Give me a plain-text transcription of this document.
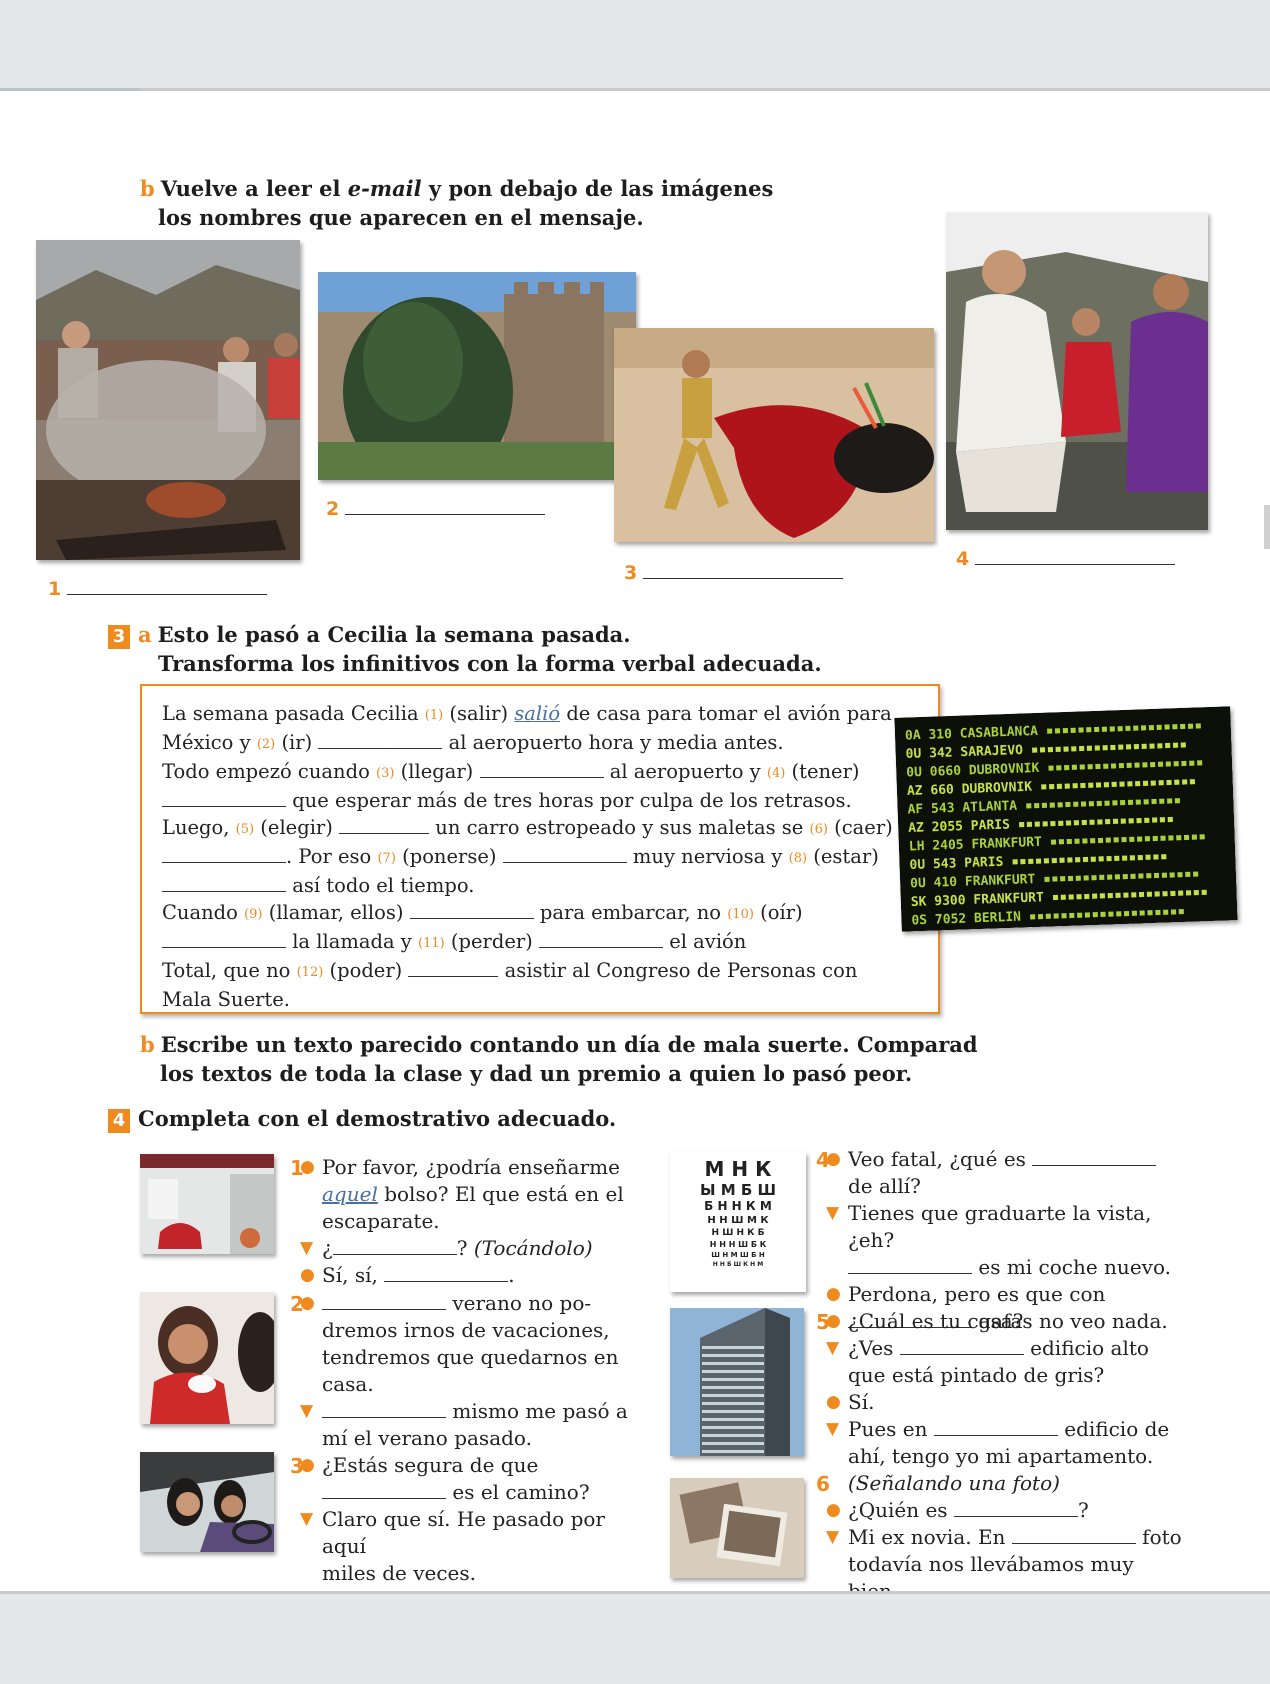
b Vuelve a leer el e-mail y pon debajo de las imágenes
los nombres que aparecen en el mensaje.
1
2
3
4
3 a Esto le pasó a Cecilia la semana pasada.
Transforma los infinitivos con la forma verbal adecuada.
La semana pasada Cecilia (1) (salir) salió de casa para tomar el avión para
México y (2) (ir)	al aeropuerto hora y media antes.
Todo empezó cuando (3) (llegar)	al aeropuerto y (4) (tener)
que esperar más de tres horas por culpa de los retrasos.
Luego, (5) (elegir)	un carro estropeado y sus maletas se (6) (caer)
. Por eso (7) (ponerse)	muy nerviosa y (8) (estar)
así todo el tiempo.
Cuando (9) (llamar, ellos)	para embarcar, no (10) (oír)
la llamada y (11) (perder)	el avión
Total, que no (12) (poder)	asistir al Congreso de Personas con
Mala Suerte.
0A 310 CASABLANCA ▪▪▪▪▪▪▪▪▪▪▪▪▪▪▪▪▪▪▪▪
0U 342 SARAJEVO ▪▪▪▪▪▪▪▪▪▪▪▪▪▪▪▪▪▪▪▪
0U 0660 DUBROVNIK ▪▪▪▪▪▪▪▪▪▪▪▪▪▪▪▪▪▪▪▪
AZ 660 DUBROVNIK ▪▪▪▪▪▪▪▪▪▪▪▪▪▪▪▪▪▪▪▪
AF 543 ATLANTA ▪▪▪▪▪▪▪▪▪▪▪▪▪▪▪▪▪▪▪▪
AZ 2055 PARIS ▪▪▪▪▪▪▪▪▪▪▪▪▪▪▪▪▪▪▪▪
LH 2405 FRANKFURT ▪▪▪▪▪▪▪▪▪▪▪▪▪▪▪▪▪▪▪▪
0U 543 PARIS ▪▪▪▪▪▪▪▪▪▪▪▪▪▪▪▪▪▪▪▪
0U 410 FRANKFURT ▪▪▪▪▪▪▪▪▪▪▪▪▪▪▪▪▪▪▪▪
SK 9300 FRANKFURT ▪▪▪▪▪▪▪▪▪▪▪▪▪▪▪▪▪▪▪▪
0S 7052 BERLIN ▪▪▪▪▪▪▪▪▪▪▪▪▪▪▪▪▪▪▪▪
b Escribe un texto parecido contando un día de mala suerte. Comparad
los textos de toda la clase y dad un premio a quien lo pasó peor.
4 Completa con el demostrativo adecuado.
1
● Por favor, ¿podría enseñarme
aquel bolso? El que está en el
escaparate.
▼ ¿	? (Tocándolo)
● Sí, sí,	.
2
●	verano no po-
dremos irnos de vacaciones,
tendremos que quedarnos en
casa.
▼	mismo me pasó a
mí el verano pasado.
3
● ¿Estás segura de que
es el camino?
▼ Claro que sí. He pasado por aquí
miles de veces.
М Н К
Ы М Б Ш
Б Н Н К М
Н Н Ш М К
Н Ш Н К Б
Н Н Н Ш Б К
Ш Н М Ш Б Н
Н Н Б Ш К Н М
4
● Veo fatal, ¿qué es
de allí?
▼ Tienes que graduarte la vista, ¿eh?
es mi coche nuevo.
● Perdona, pero es que con
gafas no veo nada.
5
● ¿Cuál es tu casa?
▼ ¿Ves	edificio alto
que está pintado de gris?
● Sí.
▼ Pues en	edificio de
ahí, tengo yo mi apartamento.
6 (Señalando una foto)
● ¿Quién es	?
▼ Mi ex novia. En	foto
todavía nos llevábamos muy
